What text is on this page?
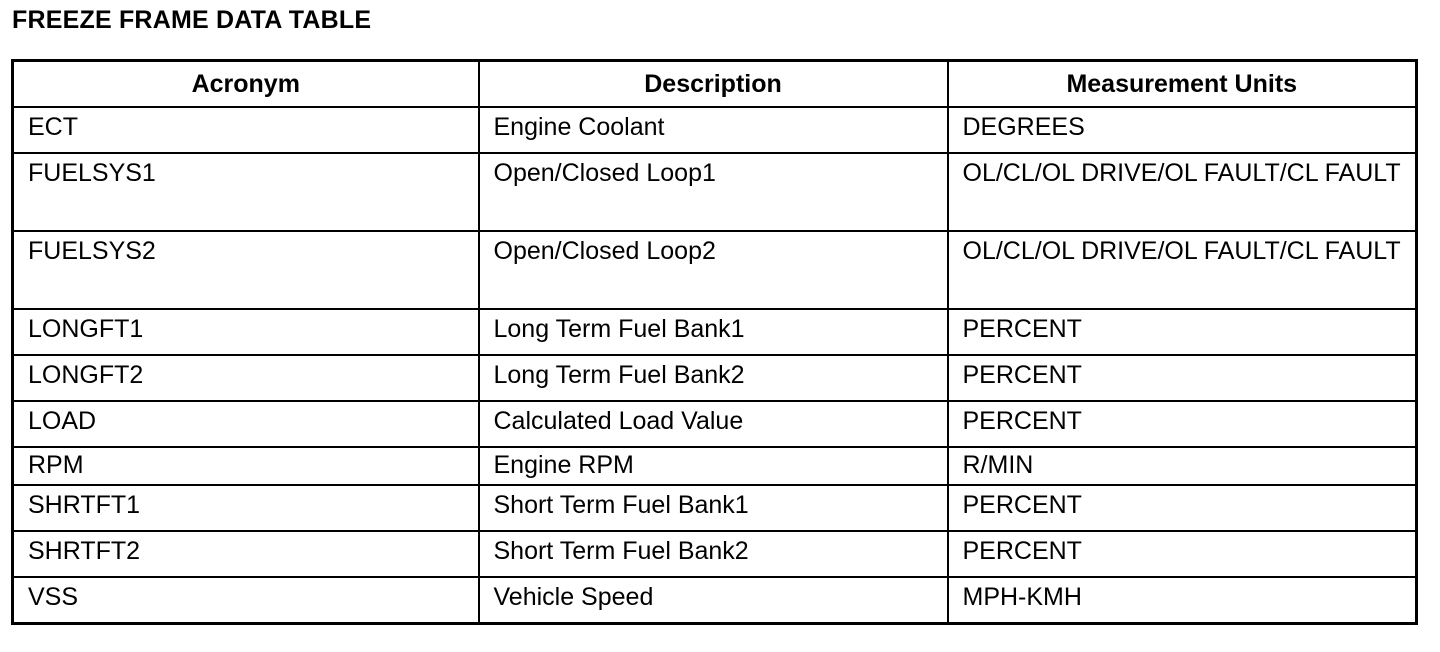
FREEZE FRAME DATA TABLE
Acronym	Description	Measurement Units
ECT	Engine Coolant	DEGREES
FUELSYS1	Open/Closed Loop1	OL/CL/OL DRIVE/OL FAULT/CL FAULT
FUELSYS2	Open/Closed Loop2	OL/CL/OL DRIVE/OL FAULT/CL FAULT
LONGFT1	Long Term Fuel Bank1	PERCENT
LONGFT2	Long Term Fuel Bank2	PERCENT
LOAD	Calculated Load Value	PERCENT
RPM	Engine RPM	R/MIN
SHRTFT1	Short Term Fuel Bank1	PERCENT
SHRTFT2	Short Term Fuel Bank2	PERCENT
VSS	Vehicle Speed	MPH-KMH
